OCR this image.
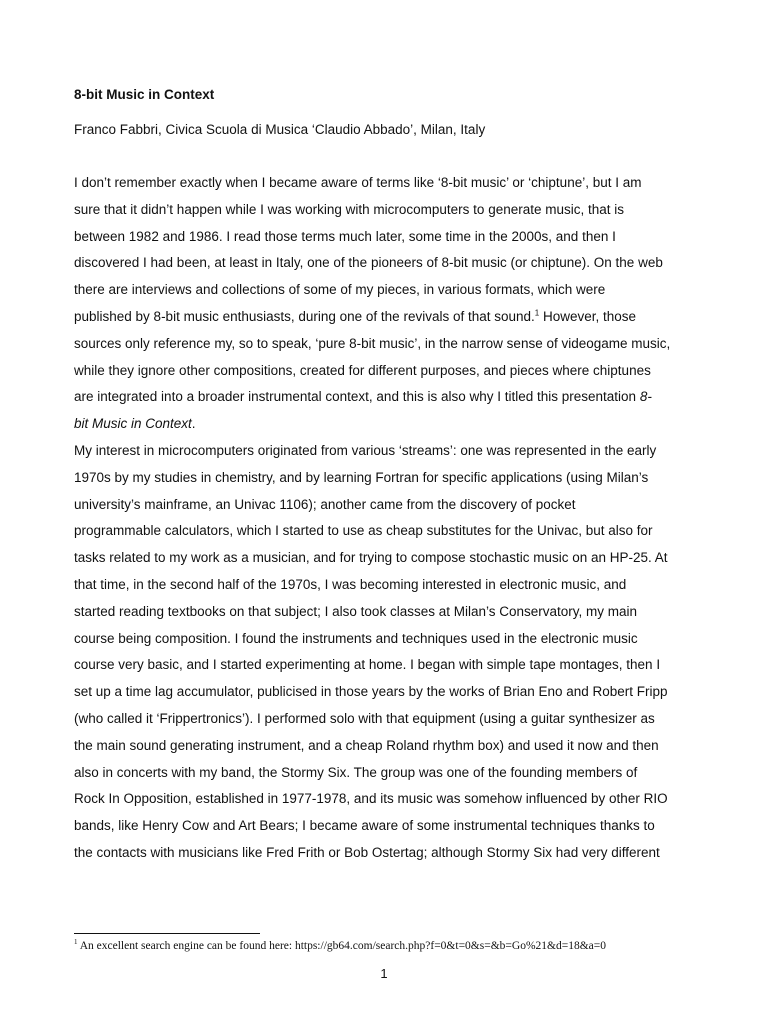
8-bit Music in Context

Franco Fabbri, Civica Scuola di Musica ‘Claudio Abbado’, Milan, Italy

I don’t remember exactly when I became aware of terms like ‘8-bit music’ or ‘chiptune’, but I am
sure that it didn’t happen while I was working with microcomputers to generate music, that is
between 1982 and 1986. I read those terms much later, some time in the 2000s, and then I
discovered I had been, at least in Italy, one of the pioneers of 8-bit music (or chiptune). On the web
there are interviews and collections of some of my pieces, in various formats, which were
published by 8-bit music enthusiasts, during one of the revivals of that sound.$^1$ However, those
sources only reference my, so to speak, ‘pure 8-bit music’, in the narrow sense of videogame music,
while they ignore other compositions, created for different purposes, and pieces where chiptunes
are integrated into a broader instrumental context, and this is also why I titled this presentation 8-
bit Music in Context.
My interest in microcomputers originated from various ‘streams’: one was represented in the early
1970s by my studies in chemistry, and by learning Fortran for specific applications (using Milan’s
university’s mainframe, an Univac 1106); another came from the discovery of pocket
programmable calculators, which I started to use as cheap substitutes for the Univac, but also for
tasks related to my work as a musician, and for trying to compose stochastic music on an HP-25. At
that time, in the second half of the 1970s, I was becoming interested in electronic music, and
started reading textbooks on that subject; I also took classes at Milan’s Conservatory, my main
course being composition. I found the instruments and techniques used in the electronic music
course very basic, and I started experimenting at home. I began with simple tape montages, then I
set up a time lag accumulator, publicised in those years by the works of Brian Eno and Robert Fripp
(who called it ‘Frippertronics’). I performed solo with that equipment (using a guitar synthesizer as
the main sound generating instrument, and a cheap Roland rhythm box) and used it now and then
also in concerts with my band, the Stormy Six. The group was one of the founding members of
Rock In Opposition, established in 1977-1978, and its music was somehow influenced by other RIO
bands, like Henry Cow and Art Bears; I became aware of some instrumental techniques thanks to
the contacts with musicians like Fred Frith or Bob Ostertag; although Stormy Six had very different
$^1$ An excellent search engine can be found here: https://gb64.com/search.php?f=0&t=0&s=&b=Go%21&d=18&a=0
1
